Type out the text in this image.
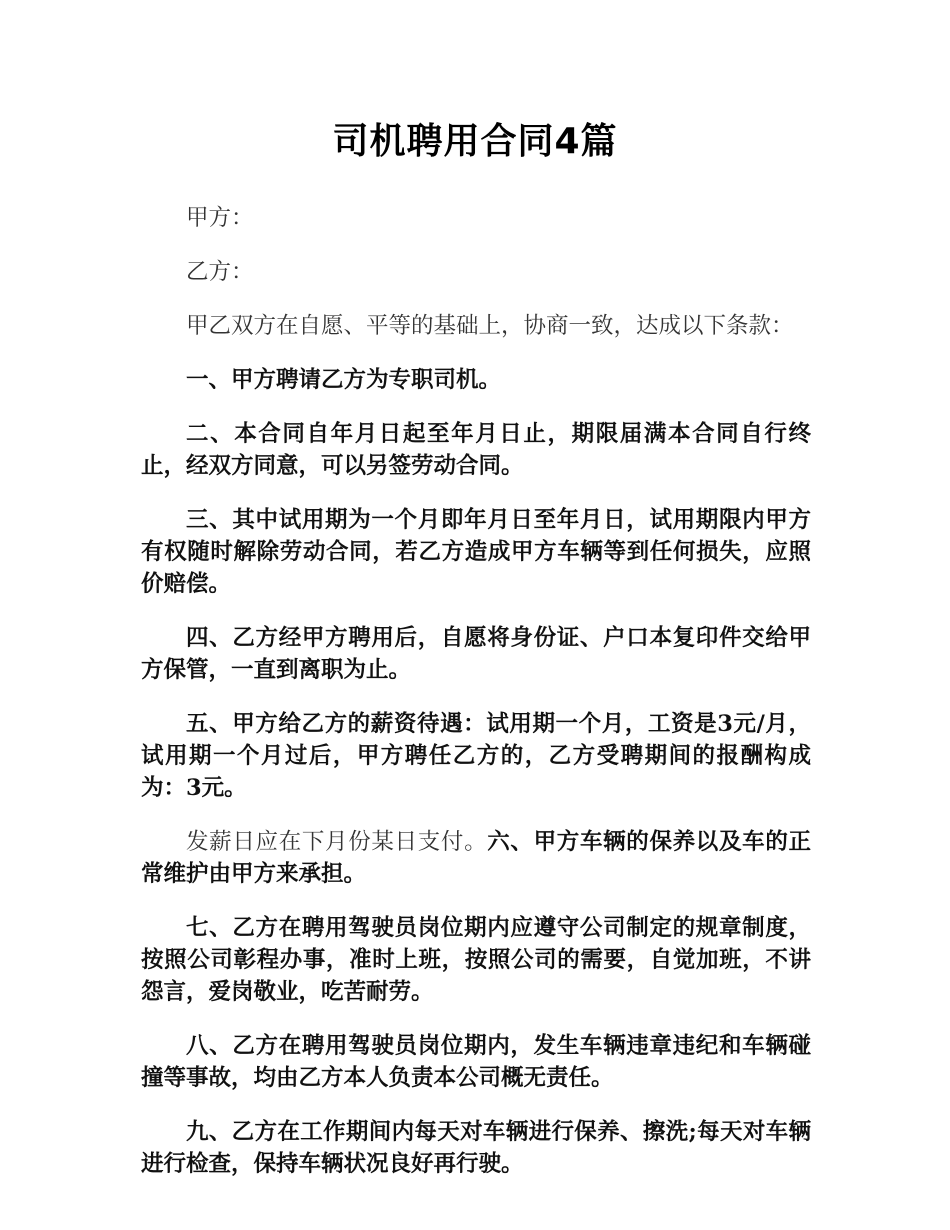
司机聘用合同4篇

甲方：

乙方：

甲乙双方在自愿、平等的基础上，协商一致，达成以下条款：

一、甲方聘请乙方为专职司机。

二、本合同自年月日起至年月日止，期限届满本合同自行终止，经双方同意，可以另签劳动合同。

三、其中试用期为一个月即年月日至年月日，试用期限内甲方有权随时解除劳动合同，若乙方造成甲方车辆等到任何损失，应照价赔偿。

四、乙方经甲方聘用后，自愿将身份证、户口本复印件交给甲方保管，一直到离职为止。

五、甲方给乙方的薪资待遇：试用期一个月，工资是3元/月，试用期一个月过后，甲方聘任乙方的，乙方受聘期间的报酬构成为：3元。

发薪日应在下月份某日支付。六、甲方车辆的保养以及车的正常维护由甲方来承担。

七、乙方在聘用驾驶员岗位期内应遵守公司制定的规章制度，按照公司彰程办事，准时上班，按照公司的需要，自觉加班，不讲怨言，爱岗敬业，吃苦耐劳。

八、乙方在聘用驾驶员岗位期内，发生车辆违章违纪和车辆碰撞等事故，均由乙方本人负责本公司概无责任。

九、乙方在工作期间内每天对车辆进行保养、擦洗;每天对车辆进行检查，保持车辆状况良好再行驶。
